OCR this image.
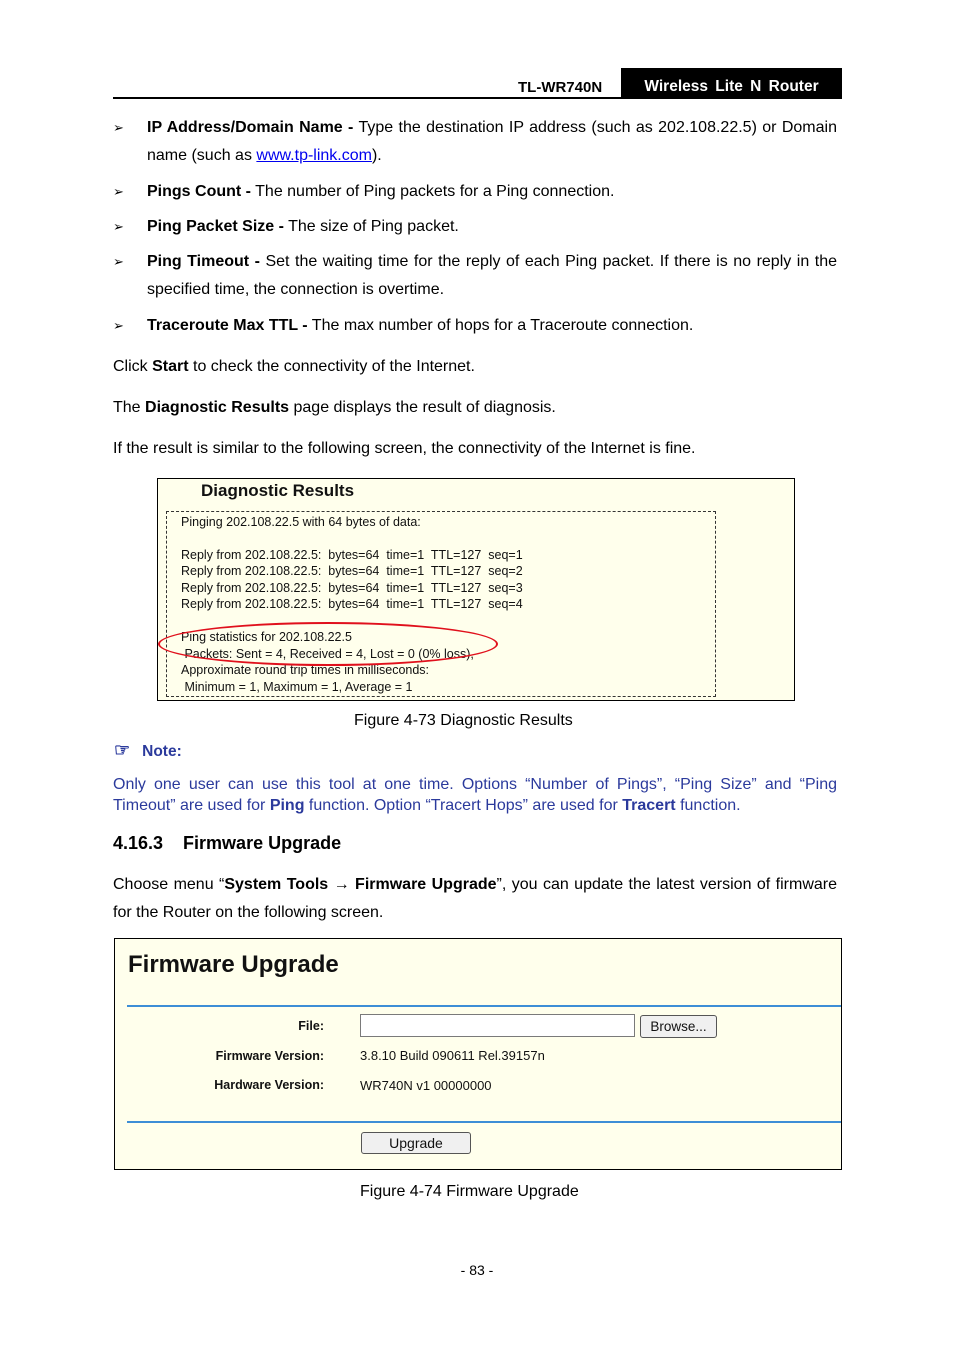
TL-WR740N	Wireless Lite N Router
➢ IP Address/Domain Name - Type the destination IP address (such as 202.108.22.5) or Domain name (such as www.tp-link.com).
➢ Pings Count - The number of Ping packets for a Ping connection.
➢ Ping Packet Size - The size of Ping packet.
➢ Ping Timeout - Set the waiting time for the reply of each Ping packet. If there is no reply in the specified time, the connection is overtime.
➢ Traceroute Max TTL - The max number of hops for a Traceroute connection.
Click Start to check the connectivity of the Internet.
The Diagnostic Results page displays the result of diagnosis.
If the result is similar to the following screen, the connectivity of the Internet is fine.
Diagnostic Results
Pinging 202.108.22.5 with 64 bytes of data:
Reply from 202.108.22.5:  bytes=64  time=1  TTL=127  seq=1
Reply from 202.108.22.5:  bytes=64  time=1  TTL=127  seq=2
Reply from 202.108.22.5:  bytes=64  time=1  TTL=127  seq=3
Reply from 202.108.22.5:  bytes=64  time=1  TTL=127  seq=4
Ping statistics for 202.108.22.5
Packets: Sent = 4, Received = 4, Lost = 0 (0% loss),
Approximate round trip times in milliseconds:
Minimum = 1, Maximum = 1, Average = 1
Figure 4-73 Diagnostic Results
☞ Note:
Only one user can use this tool at one time. Options “Number of Pings”, “Ping Size” and “Ping Timeout” are used for Ping function. Option “Tracert Hops” are used for Tracert function.
4.16.3    Firmware Upgrade
Choose menu “System Tools → Firmware Upgrade”, you can update the latest version of firmware for the Router on the following screen.
Firmware Upgrade
File:	Browse...
Firmware Version:	3.8.10 Build 090611 Rel.39157n
Hardware Version:	WR740N v1 00000000
Upgrade
Figure 4-74 Firmware Upgrade
- 83 -
